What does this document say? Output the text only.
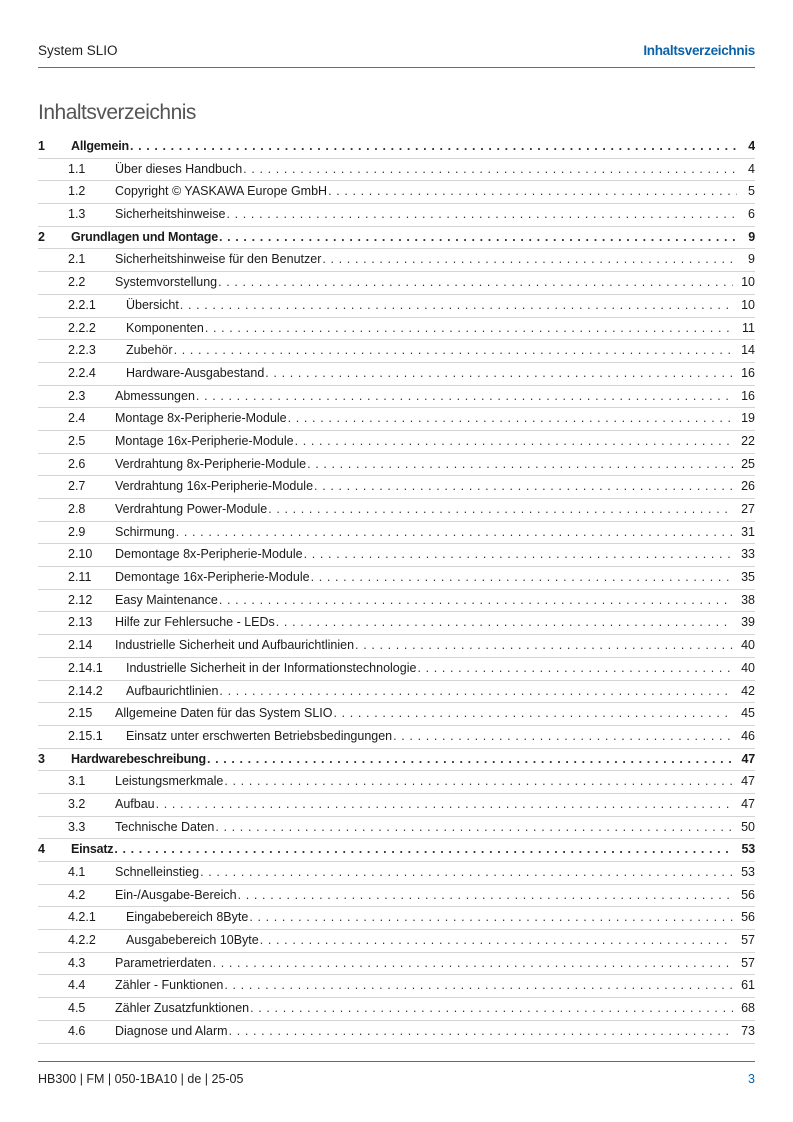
System SLIO	Inhaltsverzeichnis
Inhaltsverzeichnis
1 Allgemein . . .	4
1.1 Über dieses Handbuch . . .	4
1.2 Copyright © YASKAWA Europe GmbH . . .	5
1.3 Sicherheitshinweise . . .	6
2 Grundlagen und Montage . . .	9
2.1 Sicherheitshinweise für den Benutzer . . .	9
2.2 Systemvorstellung . . .	10
2.2.1 Übersicht . . .	10
2.2.2 Komponenten . . .	11
2.2.3 Zubehör . . .	14
2.2.4 Hardware-Ausgabestand . . .	16
2.3 Abmessungen . . .	16
2.4 Montage 8x-Peripherie-Module . . .	19
2.5 Montage 16x-Peripherie-Module . . .	22
2.6 Verdrahtung 8x-Peripherie-Module . . .	25
2.7 Verdrahtung 16x-Peripherie-Module . . .	26
2.8 Verdrahtung Power-Module . . .	27
2.9 Schirmung . . .	31
2.10 Demontage 8x-Peripherie-Module . . .	33
2.11 Demontage 16x-Peripherie-Module . . .	35
2.12 Easy Maintenance . . .	38
2.13 Hilfe zur Fehlersuche - LEDs . . .	39
2.14 Industrielle Sicherheit und Aufbaurichtlinien . . .	40
2.14.1 Industrielle Sicherheit in der Informationstechnologie . . .	40
2.14.2 Aufbaurichtlinien . . .	42
2.15 Allgemeine Daten für das System SLIO . . .	45
2.15.1 Einsatz unter erschwerten Betriebsbedingungen . . .	46
3 Hardwarebeschreibung . . .	47
3.1 Leistungsmerkmale . . .	47
3.2 Aufbau . . .	47
3.3 Technische Daten . . .	50
4 Einsatz . . .	53
4.1 Schnelleinstieg . . .	53
4.2 Ein-/Ausgabe-Bereich . . .	56
4.2.1 Eingabebereich 8Byte . . .	56
4.2.2 Ausgabebereich 10Byte . . .	57
4.3 Parametrierdaten . . .	57
4.4 Zähler - Funktionen . . .	61
4.5 Zähler Zusatzfunktionen . . .	68
4.6 Diagnose und Alarm . . .	73
HB300 | FM | 050-1BA10 | de | 25-05	3
